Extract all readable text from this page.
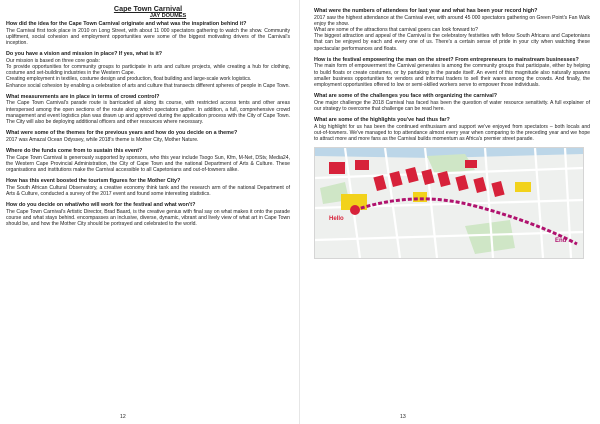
Cape Town Carnival
JAY DOUMES
How did the idea for the Cape Town Carnival originate and what was the inspiration behind it?

The Carnival first took place in 2010 on Long Street, with about 11 000 spectators gathering to watch the show. Community upliftment, social cohesion and employment opportunities were some of the biggest motivating drivers of the Carnival's inception.

Do you have a vision and mission in place? If yes, what is it?

Our mission is based on three core goals:

To provide opportunities for community groups to participate in arts and culture projects, while creating a hub for clothing, costume and set-building industries in the Western Cape.

Creating employment in textiles, costume design and production, float building and large-scale work logistics.

Enhance social cohesion by enabling a celebration of arts and culture that transects different spheres of people in Cape Town.

What measurements are in place in terms of crowd control?

The Cape Town Carnival's parade route is barricaded all along its course, with restricted access tents and other areas interspersed among the open sections of the route along which spectators gather. In addition, a full, comprehensive crowd management and event logistics plan was drawn up and approved during the application process with the City of Cape Town. The City will also be deploying additional officers and other resources where necessary.

What were some of the themes for the previous years and how do you decide on a theme?

2017 was Amazal Ocean Odyssey, while 2018's theme is Mother City, Mother Nature.

Where do the funds come from to sustain this event?

The Cape Town Carnival is generously supported by sponsors, who this year include Tsogo Sun, Kfm, M-Net, DStv, Media24, the Western Cape Provincial Administration, the City of Cape Town and the national Department of Arts & Culture. These organisations and institutions make the Carnival accessible to all Capetonians and out-of-towners alike.

How has this event boosted the tourism figures for the Mother City?

The South African Cultural Observatory, a creative economy think tank and the research arm of the national Department of Arts & Culture, conducted a survey of the 2017 event and found some interesting statistics.

How do you decide on what/who will work for the festival and what won't?

The Cape Town Carnival's Artistic Director, Brad Baard, is the creative genius with final say on what makes it onto the parade course and what stays behind. encompasses an inclusive, diverse, dynamic, vibrant and lively view of what art in Cape Town should be, and how the Mother City should be portrayed and celebrated to the world.

12
What were the numbers of attendees for last year and what has been your record high?

2017 saw the highest attendance at the Carnival ever, with around 45 000 spectators gathering on Green Point's Fan Walk enjoy the show.

What are some of the attractions that carnival goers can look forward to?

The biggest attraction and appeal of the Carnival is the celebratory festivities with fellow South Africans and Capetonians that can be enjoyed by each and every one of us. There's a certain sense of pride in your city when watching these spectacular performances and floats.

How is the festival empowering the man on the street? From entrepreneurs to mainstream businesses?

The main form of empowerment the Carnival generates is among the community groups that participate, either by helping to build floats or create costumes, or by partaking in the parade itself. An event of this magnitude also naturally spawns smaller business opportunities for vendors and informal traders to sell their wares among the crowds. And finally, the employment opportunities offered to low or semi-skilled workers serve to empower those individuals.

What are some of the challenges you face with organizing the carnival?

One major challenge the 2018 Carnival has faced has been the question of water resource sensitivity. A full explainer of our strategy to overcome that challenge can be read here.

What are some of the highlights you've had thus far?

A big highlight for us has been the continued enthusiasm and support we've enjoyed from spectators – both locals and out-of-towners. We've managed to top attendance almost every year when comparing to the preceding year and we hope to attract more and more fans as the Carnival builds momentum as Africa's premier street parade.

Hello
End
13
